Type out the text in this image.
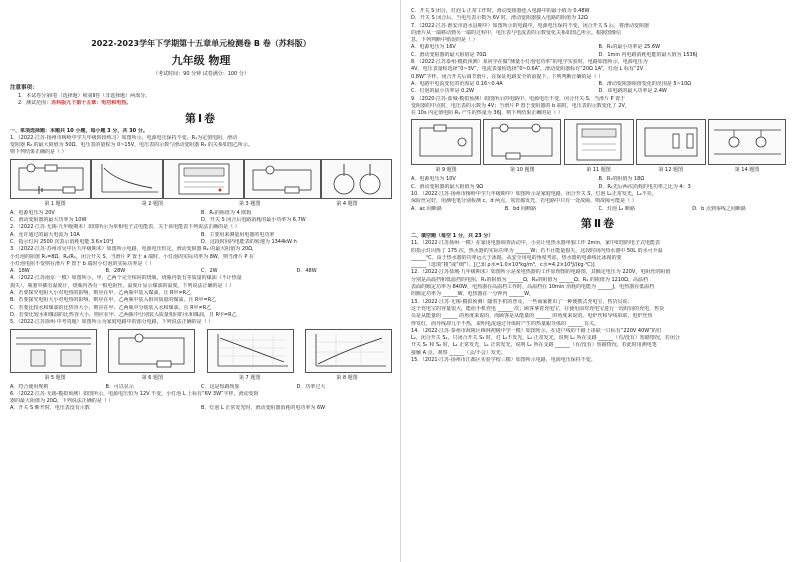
2022-2023学年下学期第十五章单元检测卷 B 卷（苏科版）

九年级 物理

（考试时间：90 分钟 试卷满分：100 分）

注意事项：

1．本试卷分第Ⅰ卷（选择题）和第Ⅱ卷（非选择题）两部分。

2．测试范围：苏科版九下第十五章：电功和电热。

第Ⅰ卷

一、单项选择题：本题共 10 小题，每小题 3 分，共 30 分。

1．（2022·江苏·扬州市梅岭中学九年级阶段练习）如图所示，电源电压保持不变，R₁为定值电阻，滑动

变阻器 R₂ 的最大阻值为 50Ω，电压表的量程为 0~15V，电压表的示数与滑动变阻器 R₂ 的关系如图乙所示。

则下列结果正确的是（ ）

第 1 题图	第 2 题图	第 3 题图	第 4 题图

A．电源电压为 20V	B．R₁的阻值为 4 欧姆

C．滑动变阻器的最大功率为 10W	D．开关 S 闭合后电路消耗的最小功率为 6.7W

2．（2022·江苏·无锡·九年级期末）如图所示为单相电子式电能表，关于该电能表下列说法正确的是（ ）

A．允许通过的最大电流为 10A	B．主要用来测量用电器的电功率

C．指示灯闪 2500 次表示消耗电能 3.6×10⁶J	D．这段时间内电能表的转速为 1344kW·h

3．（2022·江苏·苏州市吴中区九年级期末）如图所示电路，电源电压恒定，滑动变阻器 R₂ 的最大阻值为 20Ω，

小灯泡的阻值 R₁=8Ω，R₂/R₁，闭合开关 S，当滑片 P 置于 a 端时，小灯泡的实际功率为 8W，则当滑片 P 在

小灯泡电阻不变则在滑片 P 置于 b 端时小灯泡的实际功率是（ ）

A．18W	B．28W	C．2W	D．48W

4．（2022·江苏南京·一模）如图所示，甲、乙两个完全相同的烧瓶，烧瓶内装有等质量的煤油（不计热量

损失），瓶塞中插有温度计，烧瓶内各有一根电阻丝，温度计显示煤油的温度。下列说法正确的是（ ）

A．若要探究电阻大小对电热的影响，则应在甲、乙两瓶中装入煤油，且 R甲≠R乙

B．若要探究电阻大小对电热的影响，则应在甲、乙两瓶中装入相同质量的煤油，且 R甲=R乙

C．若要比较水和煤油的比热容大小，则应在甲、乙两瓶中分别装入水和煤油，且 R甲≠R乙

D．若要比较水和煤油的比热容大小，则应在甲、乙两瓶中分别装入质量相同的水和煤油，且 R甲=R乙

5．（2022·江苏徐州·中考真题）如图所示为家庭电路中的部分电路，下列说法正确的是（ ）

第 5 题图	第 6 题图	第 7 题图	第 8 题图

A．符合使用规则	B．可以显示	C．这是短路现象	D．功率过大

6．（2022·江苏·无锡·模拟预测）如图所示，电源电压恒为 12V 不变，小灯泡 L 上标有“6V 3W”字样，滑动变阻

器的最大阻值为 20Ω，下列说法正确的是（ ）

A．开关 S 断开时，电压表没有示数	B．灯泡 L 正常发光时，滑动变阻器消耗的电功率为 6W

C．开关 S 闭合，灯泡 L 正常工作时，滑动变阻器连入电路中的最小值为 0.48W

D．开关 S 闭合后，当电压表示数为 6V 时，滑动变阻器接入电路的阻值为 12Ω

7．（2022·江苏·淮安市涟水县期中）如图所示的电路中，电源电压保持不变，闭合开关 S 后，将滑动变阻器

的滑片从一端移动到另一端的过程中，电压表与电流表的示数变化关系如图乙所示。根据图像信

息，下列判断中错误的是（ ）

A．电源电压为 16V	B．R₁的最小功率是 25.6W

C．滑动变阻器的最大阻值是 70Ω	D．1min 内电路消耗电能的最大值为 1536J

8．（2022·江苏泰州·模拟预测）某同学在做“测量小灯泡电功率”的电学实验时，电路如图所示，电源电压为

4V，电压表量程选择“0~3V”，电流表量程选择“0~0.6A”，滑动变阻器标有“20Ω 1A”，灯泡 L 标有“2V

0.8W”字样。闭合开关后调节滑片，在保证电路安全的前提下，下列判断正确的是（ ）

A．电路中电流变化的范围是 0.16~0.4A	B．滑动变阻器阻值变化的范围是 5~10Ω

C．灯泡的最小功率是 0.2W	D．该电路的最大功率是 2.4W

9．（2020·江苏·盐城·模拟预测）如图所示的电路中，电源电压不变，闭合开关 S，当滑片 P 置于

变阻器的中点时，电压表的示数为 4V；当滑片 P 置于变阻器的 b 端时，电压表的示数变化了 2V，

在 10s 内定值电阻 R₁ 产生的热量为 36J，则下列结果正确的是（ ）

第 9 题图	第 10 题图	第 11 题图	第 12 题图	第 14 题图

A．电源电压为 10V	B．R₁的阻值为 18Ω

C．滑动变阻器的最大阻值为 9Ω	D．R₁先后两次消耗的电功率之比为 4：3

10．（2022·江苏·扬州市梅岭中学九年级期中）如图所示是家庭电路，闭合开关 S，灯泡 L₁正常发光，L₂不亮，

保险丝完好，用测电笔分别检测 c、d 两点，氖管都发光，若电路中只有一处故障，则故障可能是（ ）

A．ac 间断路	B．bd 间断路	C．灯泡 L₂ 断路	D．b 点到零线之间断路

第Ⅱ卷

二、填空题（每空 1 分，共 23 分）

11．（2022·江苏扬州·一模）在家用电器调查活动中，小亮让电热水器单独工作 2min，家中如图的电子式电能表

的指示灯闪烁了 175 次，热水器的实际功率为 ______W；若不计能量损失，这段时间内热水器中 50L 的水可升温

______℃。由于热水器的功率远大于冰箱，从安全用电的角度考虑，热水器的电源线比冰箱的要

______（选填“粗”或“细”）。[已知 ρ水=1.0×10³kg/m³，c水=4.2×10³J/(kg·℃)]

12．（2022·江苏盐城·九年级期末）如图所示是某电热器的工作原理图的电路图，其额定电压为 220V，电阻丝的阻值

分别是高温挡和低温挡的电阻，R₁的阻值为 ______Ω，R₂的阻值为 ______Ω；R₂ 的阻值为 1210Ω，高温档

表面的额定功率为 840W，电热器在高温档工作时，高温档在 10min 消耗的电能为 ______J，电热器在低温档

的额定功率为 ______W，电热器在一分钟内 ______W。

13．（2022·江苏·无锡·模拟预测）随着手机的普及，一些商家推出了一种便携式充电宝，售货员说：

这个充电宝的容量很大，能给手机充电 ______ 次；顾客拿着充电宝，在使用前对充电宝进行一段时间的充电，售货

员是从能量的 ______ 的角度来说的，而顾客是从能量的 ______ 的角度来说的。电炉丝和导线串联，电炉丝热

得发红，而导线却几乎不热，说明电流通过导体时产生的热量跟导体的 ______ 有关。

14．（2022·江苏·泰州市海陵区梅林初级中学一模）如图所示，在进户线的干路上串联一只标有“220V 40W”的灯

L₂，闭合开关 S₁，只闭合开关 S₂ 时，灯 L₁不发光，L₂ 正常发光，说明 L₁ 所在支路 ______（有/没有）短路情况，若闭合

开关 S₁ 和 S₂ 时，L₂ 正常发光，L₁ 正常发光，说明 L₁ 所在支路 ______（有/没有）短路情况，若此时用测电笔

接触 A 点，观察 ______（会/不会）发光。

15．（2021·江苏·扬州市江都区实验学校三模）如图所示电路，电源电压保持不变。
